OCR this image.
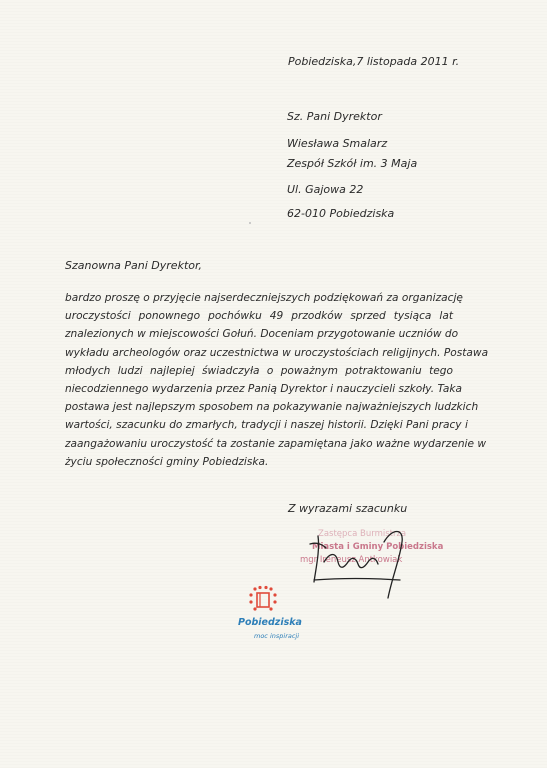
Pobiedziska,7 listopada 2011 r.
Sz. Pani Dyrektor
Wiesława Smalarz
Zespół Szkół im. 3 Maja
Ul. Gajowa 22
62-010 Pobiedziska
Szanowna Pani Dyrektor,
bardzo proszę o przyjęcie najserdeczniejszych podziękowań za organizację
uroczystości ponownego pochówku 49 przodków sprzed tysiąca lat
znalezionych w miejscowości Gołuń. Doceniam przygotowanie uczniów do
wykładu archeologów oraz uczestnictwa w uroczystościach religijnych. Postawa
młodych ludzi najlepiej świadczyła o poważnym potraktowaniu tego
niecodziennego wydarzenia przez Panią Dyrektor i nauczycieli szkoły. Taka
postawa jest najlepszym sposobem na pokazywanie najważniejszych ludzkich
wartości, szacunku do zmarłych, tradycji i naszej historii. Dzięki Pani pracy i
zaangażowaniu uroczystość ta zostanie zapamiętana jako ważne wydarzenie w
życiu społeczności gminy Pobiedziska.
Z wyrazami szacunku
Zastępca Burmistrza
Miasta i Gminy Pobiedziska
mgr Ireneusz Antkowiak
Pobiedziska
moc inspiracji
